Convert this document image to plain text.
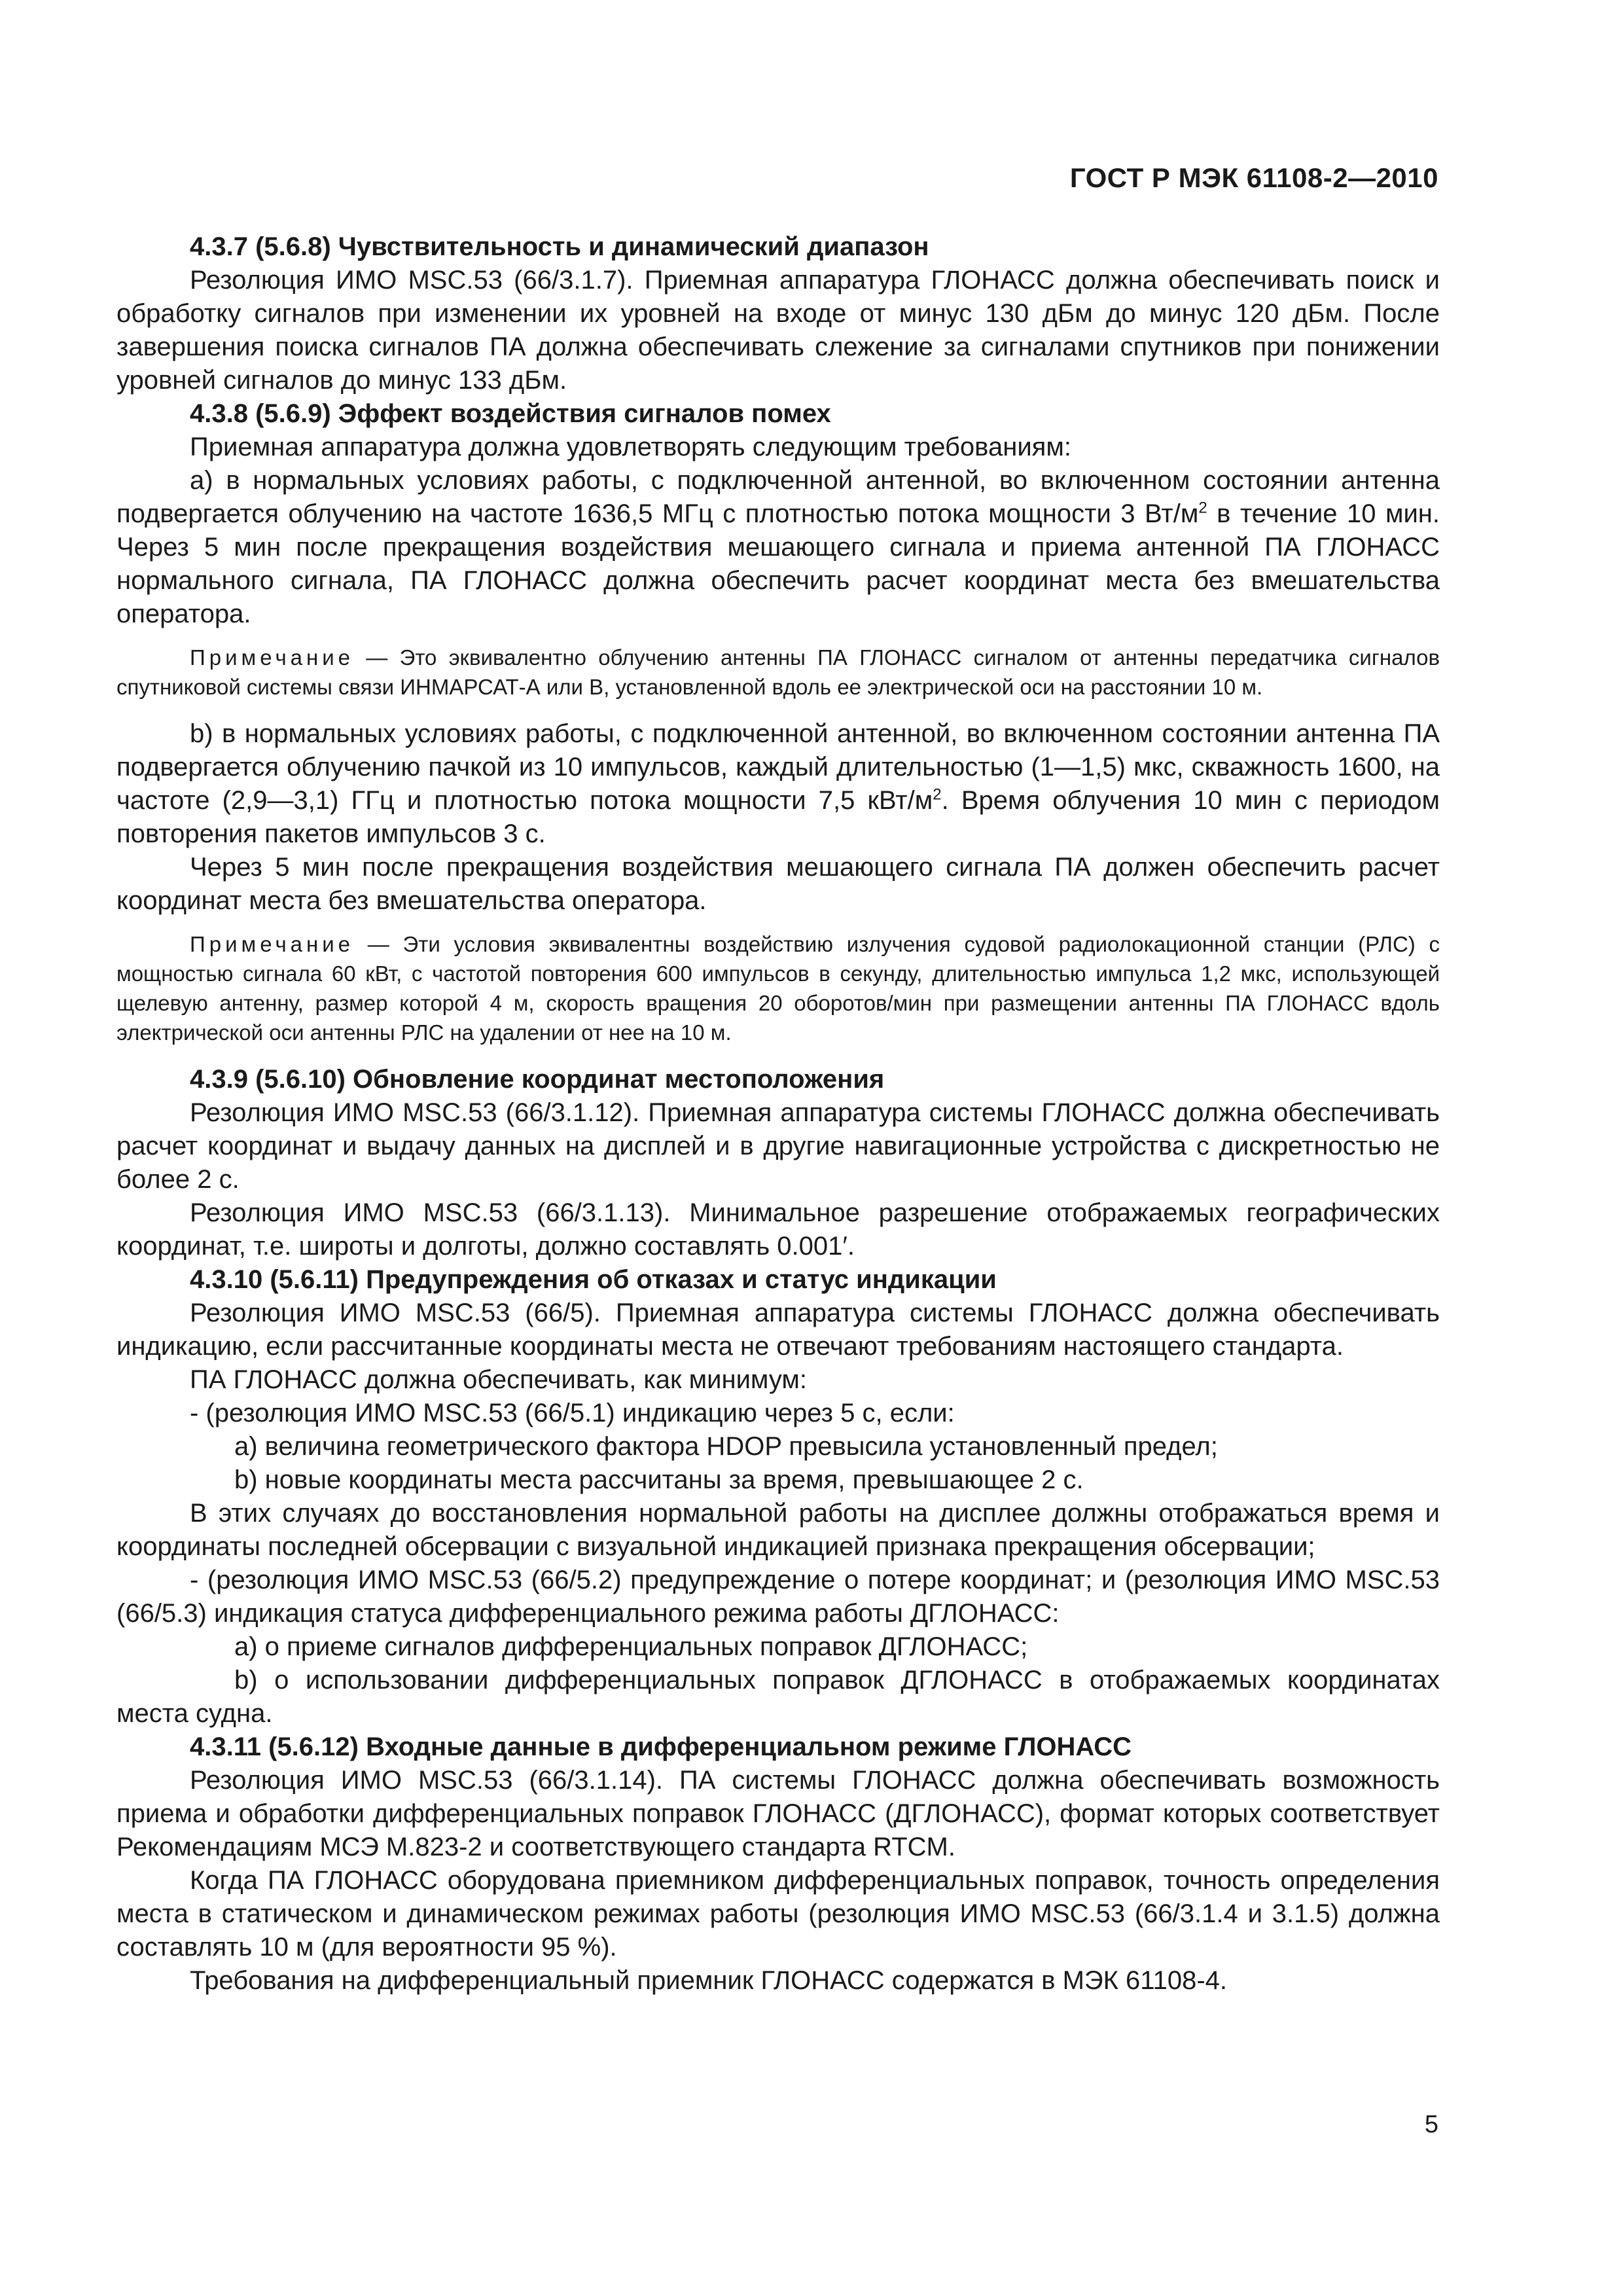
ГОСТ Р МЭК 61108-2—2010

4.3.7 (5.6.8) Чувствительность и динамический диапазон

Резолюция ИМО MSC.53 (66/3.1.7). Приемная аппаратура ГЛОНАСС должна обеспечивать поиск и обработку сигналов при изменении их уровней на входе от минус 130 дБм до минус 120 дБм. После завершения поиска сигналов ПА должна обеспечивать слежение за сигналами спутников при понижении уровней сигналов до минус 133 дБм.

4.3.8 (5.6.9) Эффект воздействия сигналов помех

Приемная аппаратура должна удовлетворять следующим требованиям:

a) в нормальных условиях работы, с подключенной антенной, во включенном состоянии антенна подвергается облучению на частоте 1636,5 МГц с плотностью потока мощности 3 $Вт/м^2$ в течение 10 мин. Через 5 мин после прекращения воздействия мешающего сигнала и приема антенной ПА ГЛОНАСС нормального сигнала, ПА ГЛОНАСС должна обеспечить расчет координат места без вмешательства оператора.

Примечание — Это эквивалентно облучению антенны ПА ГЛОНАСС сигналом от антенны передатчика сигналов спутниковой системы связи ИНМАРСАТ-А или В, установленной вдоль ее электрической оси на расстоянии 10 м.

b) в нормальных условиях работы, с подключенной антенной, во включенном состоянии антенна ПА подвергается облучению пачкой из 10 импульсов, каждый длительностью (1—1,5) мкс, скважность 1600, на частоте (2,9—3,1) ГГц и плотностью потока мощности 7,5 кВт/$м^2$. Время облучения 10 мин с периодом повторения пакетов импульсов 3 с.

Через 5 мин после прекращения воздействия мешающего сигнала ПА должен обеспечить расчет координат места без вмешательства оператора.

Примечание — Эти условия эквивалентны воздействию излучения судовой радиолокационной станции (РЛС) с мощностью сигнала 60 кВт, с частотой повторения 600 импульсов в секунду, длительностью импульса 1,2 мкс, использующей щелевую антенну, размер которой 4 м, скорость вращения 20 оборотов/мин при размещении антенны ПА ГЛОНАСС вдоль электрической оси антенны РЛС на удалении от нее на 10 м.

4.3.9 (5.6.10) Обновление координат местоположения

Резолюция ИМО MSC.53 (66/3.1.12). Приемная аппаратура системы ГЛОНАСС должна обеспечивать расчет координат и выдачу данных на дисплей и в другие навигационные устройства с дискретностью не более 2 с.

Резолюция ИМО MSC.53 (66/3.1.13). Минимальное разрешение отображаемых географических координат, т.е. широты и долготы, должно составлять 0.001′.

4.3.10 (5.6.11) Предупреждения об отказах и статус индикации

Резолюция ИМО MSC.53 (66/5). Приемная аппаратура системы ГЛОНАСС должна обеспечивать индикацию, если рассчитанные координаты места не отвечают требованиям настоящего стандарта.

ПА ГЛОНАСС должна обеспечивать, как минимум:

- (резолюция ИМО MSC.53 (66/5.1) индикацию через 5 с, если:

a) величина геометрического фактора HDOP превысила установленный предел;

b) новые координаты места рассчитаны за время, превышающее 2 с.

В этих случаях до восстановления нормальной работы на дисплее должны отображаться время и координаты последней обсервации с визуальной индикацией признака прекращения обсервации;

- (резолюция ИМО MSC.53 (66/5.2) предупреждение о потере координат; и (резолюция ИМО MSC.53 (66/5.3) индикация статуса дифференциального режима работы ДГЛОНАСС:

a) о приеме сигналов дифференциальных поправок ДГЛОНАСС;

b) о использовании дифференциальных поправок ДГЛОНАСС в отображаемых координатах места судна.

4.3.11 (5.6.12) Входные данные в дифференциальном режиме ГЛОНАСС

Резолюция ИМО MSC.53 (66/3.1.14). ПА системы ГЛОНАСС должна обеспечивать возможность приема и обработки дифференциальных поправок ГЛОНАСС (ДГЛОНАСС), формат которых соответствует Рекомендациям МСЭ M.823-2 и соответствующего стандарта RTCM.

Когда ПА ГЛОНАСС оборудована приемником дифференциальных поправок, точность определения места в статическом и динамическом режимах работы (резолюция ИМО MSC.53 (66/3.1.4 и 3.1.5) должна составлять 10 м (для вероятности 95 %).

Требования на дифференциальный приемник ГЛОНАСС содержатся в МЭК 61108-4.

5
